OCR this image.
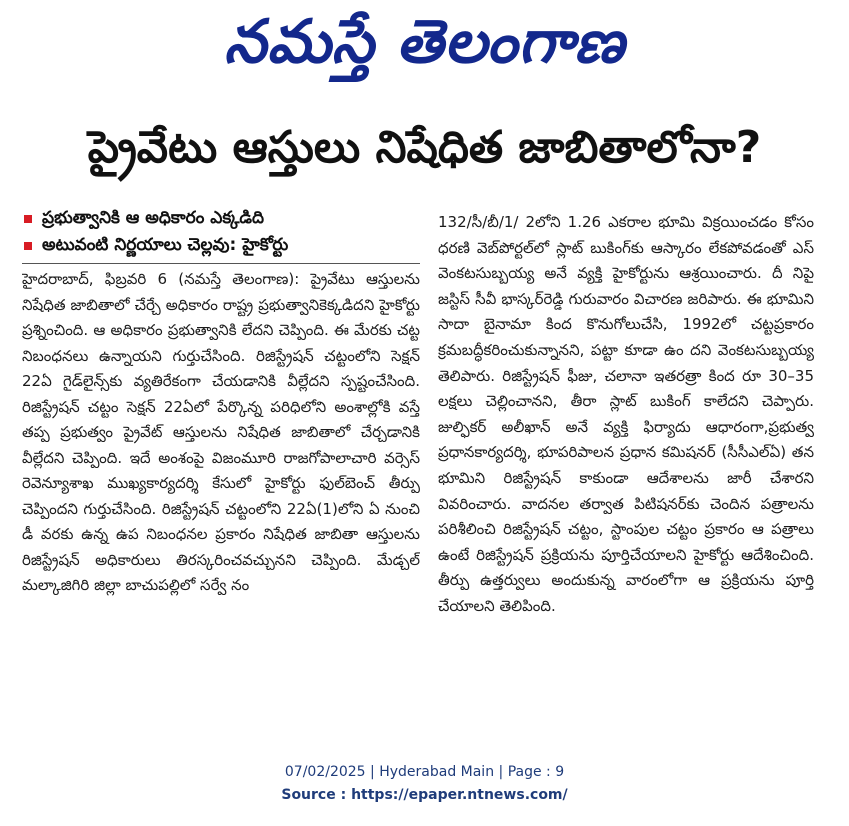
నమస్తే తెలంగాణ
ప్రైవేటు ఆస్తులు నిషేధిత జాబితాలోనా?
ప్రభుత్వానికి ఆ అధికారం ఎక్కడిది
అటువంటి నిర్ణయాలు చెల్లవు: హైకోర్టు

హైదరాబాద్, ఫిబ్రవరి 6 (నమస్తే తెలంగాణ): ప్రైవేటు ఆస్తులను నిషేధిత జాబితాలో చేర్చే అధికారం రాష్ట్ర ప్రభుత్వానికెక్కడిదని హైకోర్టు ప్రశ్నించింది. ఆ అధికారం ప్రభుత్వానికి లేదని చెప్పింది. ఈ మేరకు చట్ట నిబంధనలు ఉన్నాయని గుర్తుచేసింది. రిజిస్ట్రేషన్ చట్టంలోని సెక్షన్ 22ఏ గైడ్‌లైన్స్‌కు వ్యతిరేకంగా చేయడానికి వీల్లేదని స్పష్టంచేసింది. రిజిస్ట్రేషన్ చట్టం సెక్షన్ 22ఏలో పేర్కొన్న పరిధిలోని అంశాల్లోకి వస్తే తప్ప ప్రభుత్వం ప్రైవేట్ ఆస్తులను నిషేధిత జాబితాలో చేర్చడానికి వీల్లేదని చెప్పింది. ఇదే అంశంపై విజంమూరి రాజగోపాలాచారి వర్సెస్ రెవెన్యూశాఖ ముఖ్యకార్యదర్శి కేసులో హైకోర్టు ఫుల్‌బెంచ్ తీర్పు చెప్పిందని గుర్తుచేసింది. రిజిస్ట్రేషన్ చట్టంలోని 22ఏ(1)లోని ఏ నుంచి డీ వరకు ఉన్న ఉప నిబంధనల ప్రకారం నిషేధిత జాబితా ఆస్తులను రిజిస్ట్రేషన్ అధికారులు తిరస్కరించవచ్చునని చెప్పింది. మేడ్చల్ మల్కాజిగిరి జిల్లా బాచుపల్లిలో సర్వే నం

132/సీ/బీ/1/ 2లోని 1.26 ఎకరాల భూమి విక్రయించడం కోసం ధరణి వెబ్‌పోర్టల్‌లో స్లాట్ బుకింగ్‌కు ఆస్కారం లేకపోవడంతో ఎస్ వెంకటసుబ్బయ్య అనే వ్యక్తి హైకోర్టును ఆశ్రయించారు. దీ నిపై జస్టిస్ సీవీ భాస్కర్‌రెడ్డి గురువారం విచారణ జరిపారు. ఈ భూమిని సాదా బైనామా కింద కొనుగోలుచేసి, 1992లో చట్టప్రకారం క్రమబద్ధీకరించుకున్నానని, పట్టా కూడా ఉం దని వెంకటసుబ్బయ్య తెలిపారు. రిజిస్ట్రేషన్ ఫీజు, చలానా ఇతరత్రా కింద రూ 30–35 లక్షలు చెల్లించానని, తీరా స్లాట్ బుకింగ్ కాలేదని చెప్పారు. జుల్ఫికర్ అలీఖాన్ అనే వ్యక్తి ఫిర్యాదు ఆధారంగా,ప్రభుత్వ ప్రధానకార్యదర్శి, భూపరిపాలన ప్రధాన కమిషనర్ (సీసీఎల్ఏ) తన భూమిని రిజిస్ట్రేషన్ కాకుండా ఆదేశాలను జారీ చేశారని వివరించారు. వాదనల తర్వాత పిటిషనర్‌కు చెందిన పత్రాలను పరిశీలించి రిజిస్ట్రేషన్ చట్టం, స్టాంపుల చట్టం ప్రకారం ఆ పత్రాలు ఉంటే రిజిస్ట్రేషన్ ప్రక్రియను పూర్తిచేయాలని హైకోర్టు ఆదేశించింది. తీర్పు ఉత్తర్వులు అందుకున్న వారంలోగా ఆ ప్రక్రియను పూర్తి చేయాలని తెలిపింది.

07/02/2025 | Hyderabad Main | Page : 9
Source : https://epaper.ntnews.com/
